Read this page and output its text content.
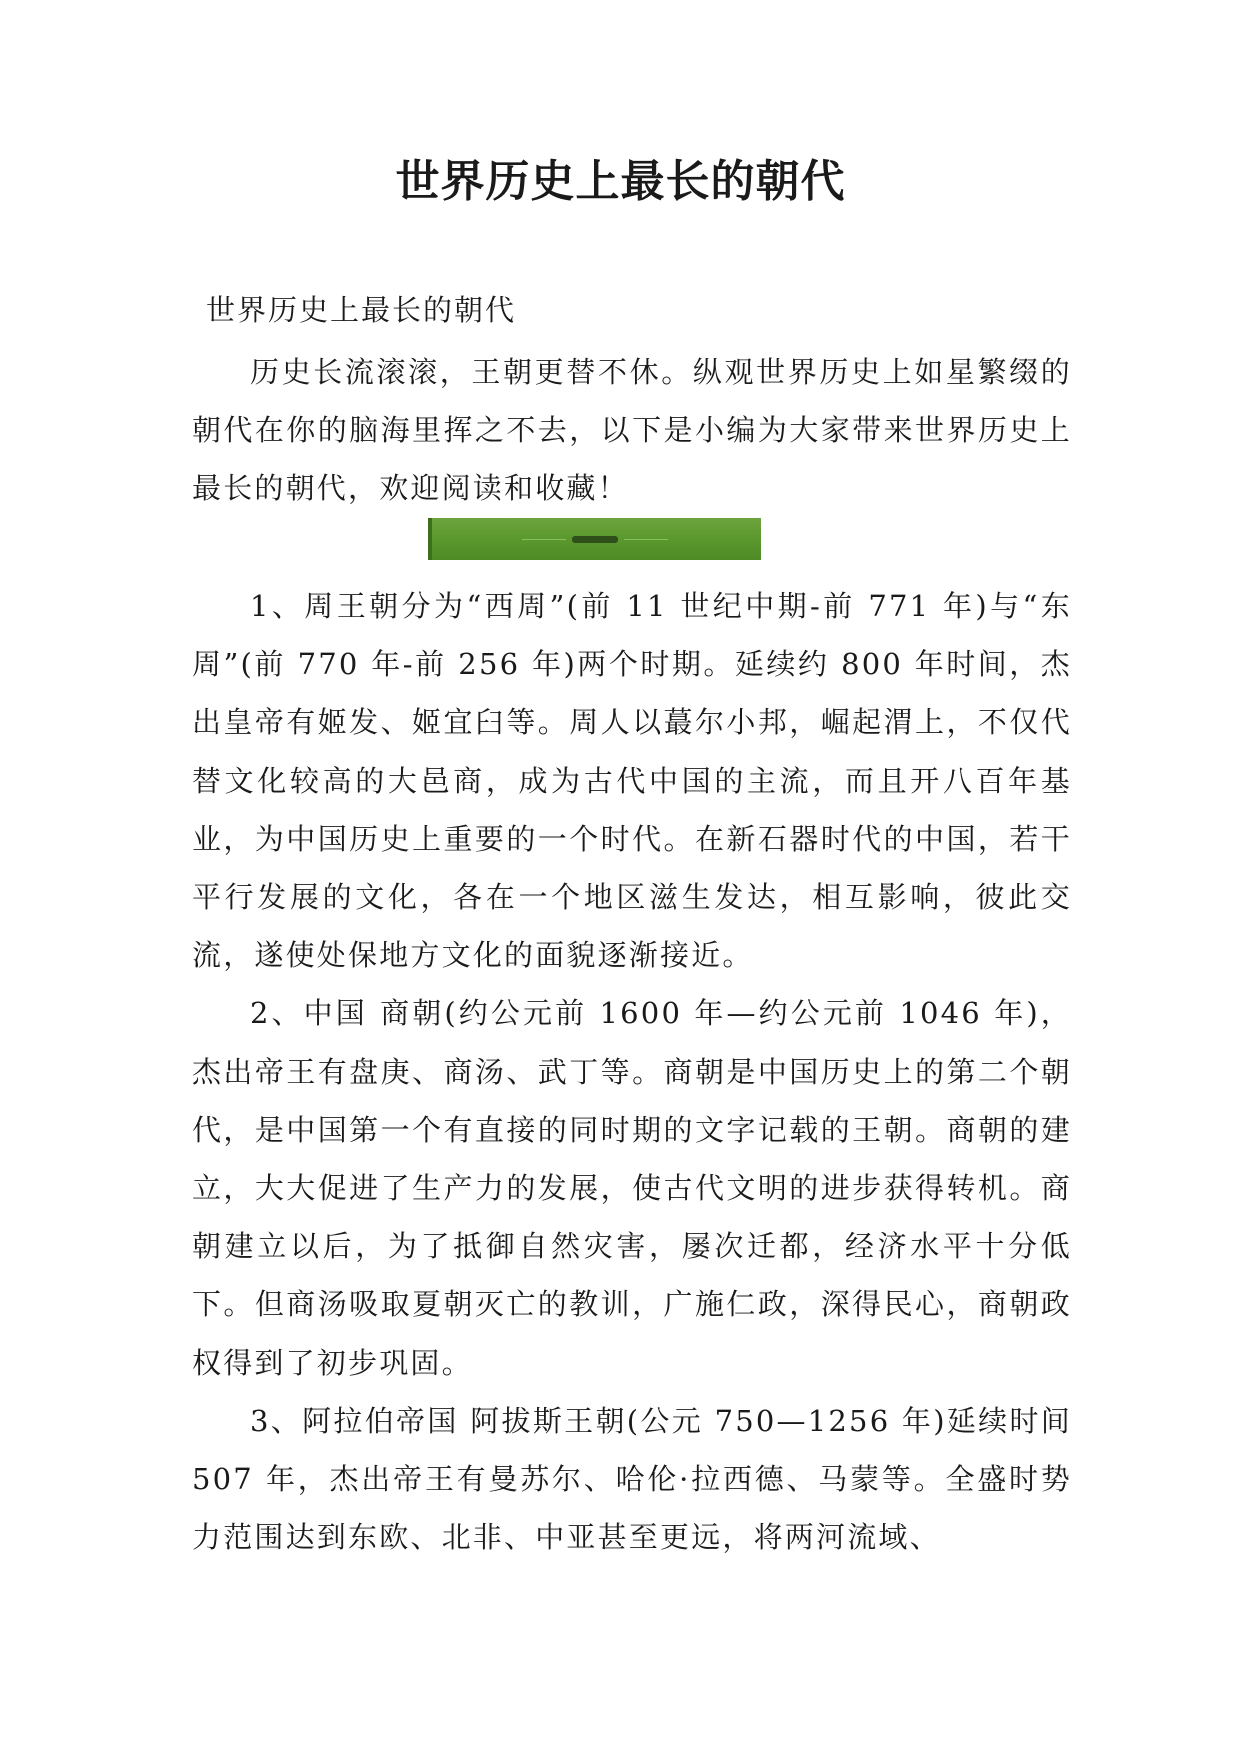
世界历史上最长的朝代
世界历史上最长的朝代

历史长流滚滚，王朝更替不休。纵观世界历史上如星繁缀的朝代在你的脑海里挥之不去，以下是小编为大家带来世界历史上最长的朝代，欢迎阅读和收藏！

1、周王朝分为“西周”(前 11 世纪中期-前 771 年)与“东周”(前 770 年-前 256 年)两个时期。延续约 800 年时间，杰出皇帝有姬发、姬宜臼等。周人以蕞尔小邦，崛起渭上，不仅代替文化较高的大邑商，成为古代中国的主流，而且开八百年基业，为中国历史上重要的一个时代。在新石器时代的中国，若干平行发展的文化，各在一个地区滋生发达，相互影响，彼此交流，遂使处保地方文化的面貌逐渐接近。

2、中国 商朝(约公元前 1600 年—约公元前 1046 年)，杰出帝王有盘庚、商汤、武丁等。商朝是中国历史上的第二个朝代，是中国第一个有直接的同时期的文字记载的王朝。商朝的建立，大大促进了生产力的发展，使古代文明的进步获得转机。商朝建立以后，为了抵御自然灾害，屡次迁都，经济水平十分低下。但商汤吸取夏朝灭亡的教训，广施仁政，深得民心，商朝政权得到了初步巩固。

3、阿拉伯帝国 阿拔斯王朝(公元 750—1256 年)延续时间 507 年，杰出帝王有曼苏尔、哈伦·拉西德、马蒙等。全盛时势力范围达到东欧、北非、中亚甚至更远，将两河流域、
